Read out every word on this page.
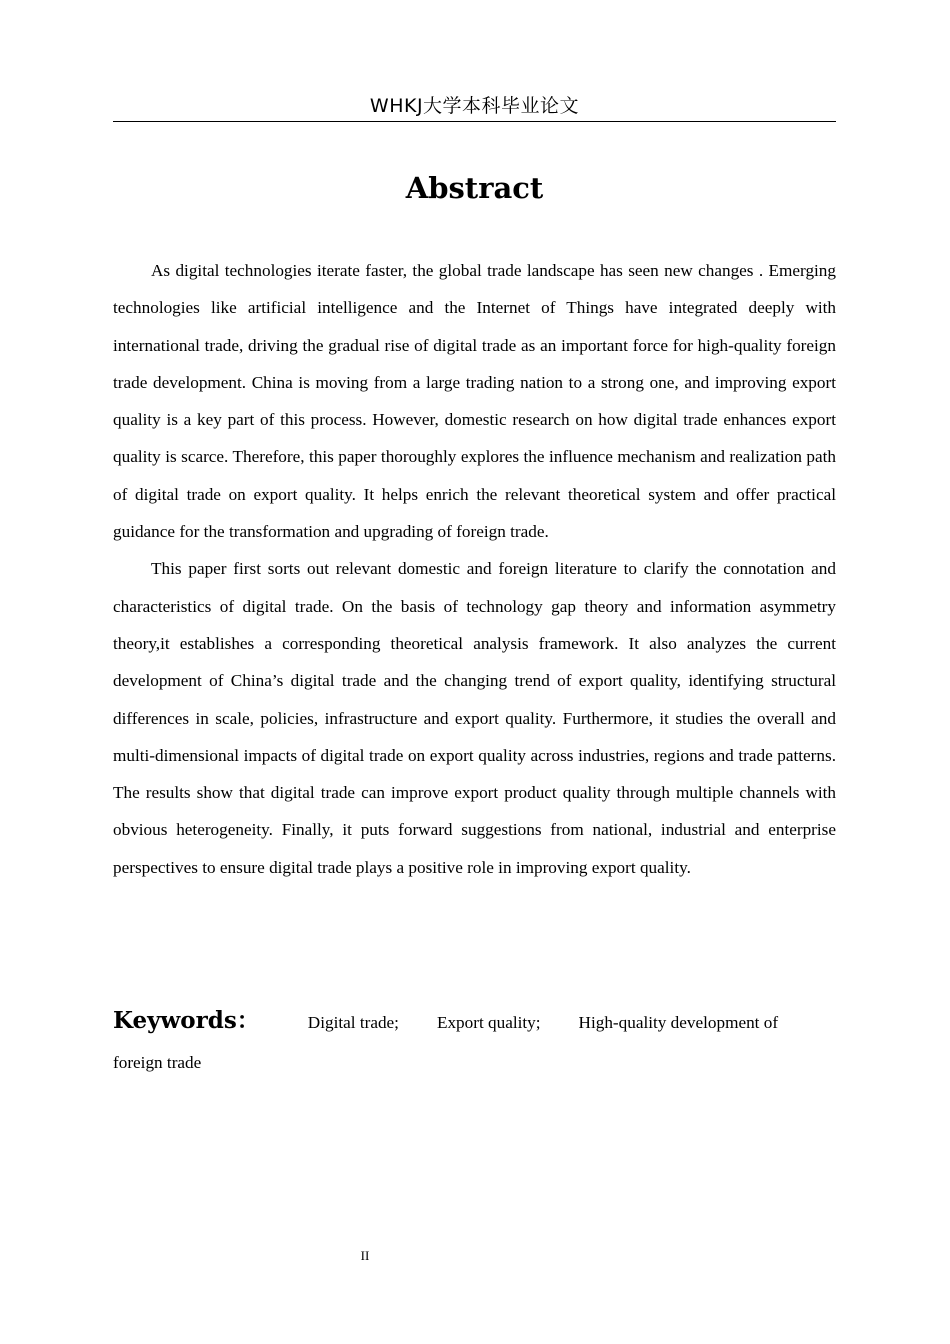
WHKJ大学本科毕业论文
Abstract

As digital technologies iterate faster, the global trade landscape has seen new changes . Emerging technologies like artificial intelligence and the Internet of Things have integrated deeply with international trade, driving the gradual rise of digital trade as an important force for high-quality foreign trade development. China is moving from a large trading nation to a strong one, and improving export quality is a key part of this process. However, domestic research on how digital trade enhances export quality is scarce. Therefore, this paper thoroughly explores the influence mechanism and realization path of digital trade on export quality. It helps enrich the relevant theoretical system and offer practical guidance for the transformation and upgrading of foreign trade.

This paper first sorts out relevant domestic and foreign literature to clarify the connotation and characteristics of digital trade. On the basis of technology gap theory and information asymmetry theory,it establishes a corresponding theoretical analysis framework. It also analyzes the current development of China’s digital trade and the changing trend of export quality, identifying structural differences in scale, policies, infrastructure and export quality. Furthermore, it studies the overall and multi-dimensional impacts of digital trade on export quality across industries, regions and trade patterns. The results show that digital trade can improve export product quality through multiple channels with obvious heterogeneity. Finally, it puts forward suggestions from national, industrial and enterprise perspectives to ensure digital trade plays a positive role in improving export quality.

Keywords：	Digital trade; Export quality; High-quality development of
foreign trade
II
